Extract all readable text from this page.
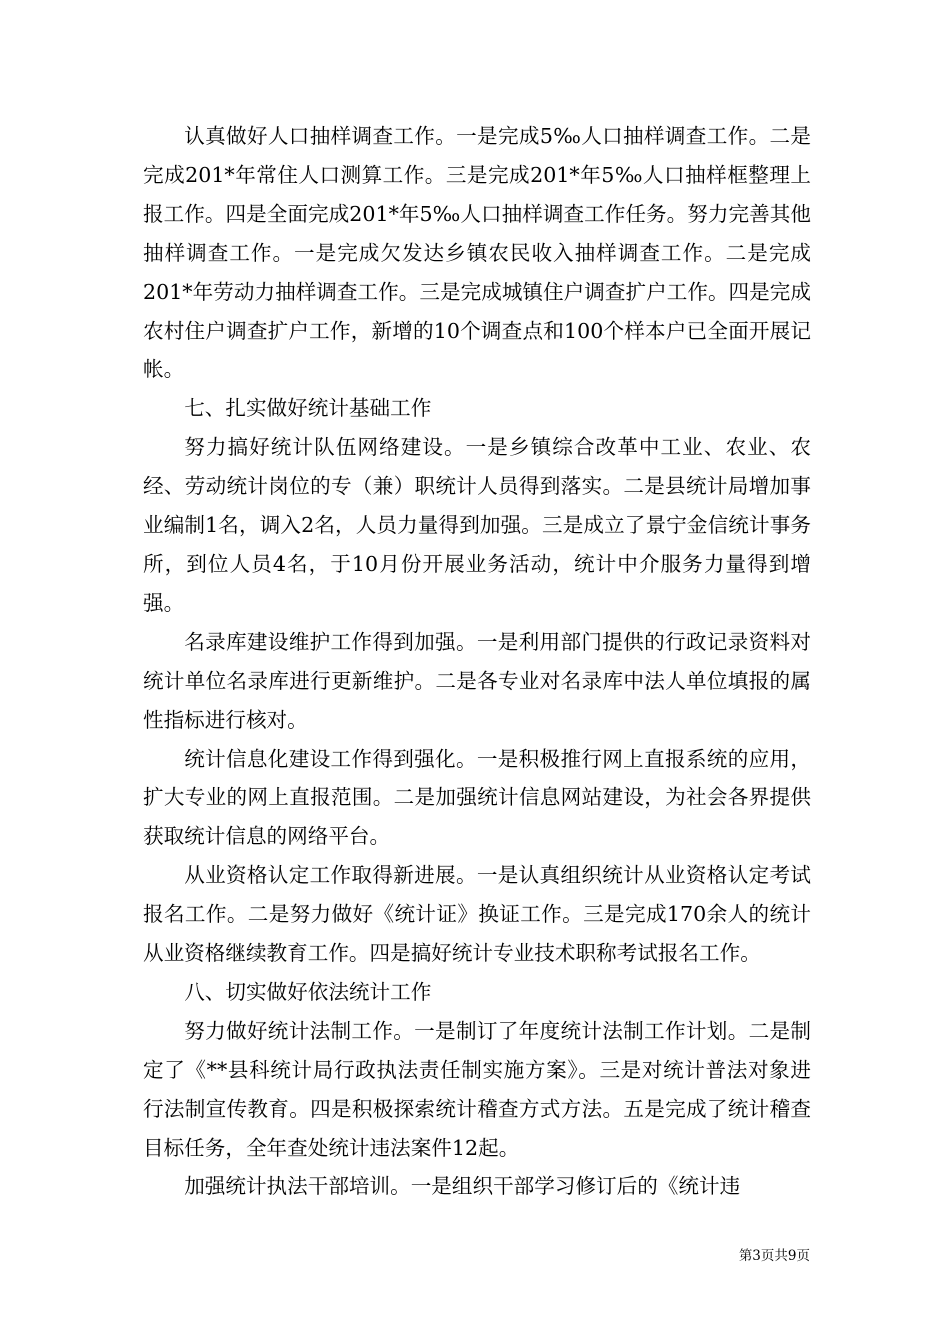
认真做好人口抽样调查工作。一是完成5‰人口抽样调查工作。二是完成201*年常住人口测算工作。三是完成201*年5‰人口抽样框整理上报工作。四是全面完成201*年5‰人口抽样调查工作任务。努力完善其他抽样调查工作。一是完成欠发达乡镇农民收入抽样调查工作。二是完成201*年劳动力抽样调查工作。三是完成城镇住户调查扩户工作。四是完成农村住户调查扩户工作，新增的10个调查点和100个样本户已全面开展记帐。

七、扎实做好统计基础工作

努力搞好统计队伍网络建设。一是乡镇综合改革中工业、农业、农经、劳动统计岗位的专（兼）职统计人员得到落实。二是县统计局增加事业编制1名，调入2名，人员力量得到加强。三是成立了景宁金信统计事务所，到位人员4名，于10月份开展业务活动，统计中介服务力量得到增强。

名录库建设维护工作得到加强。一是利用部门提供的行政记录资料对统计单位名录库进行更新维护。二是各专业对名录库中法人单位填报的属性指标进行核对。

统计信息化建设工作得到强化。一是积极推行网上直报系统的应用，扩大专业的网上直报范围。二是加强统计信息网站建设，为社会各界提供获取统计信息的网络平台。

从业资格认定工作取得新进展。一是认真组织统计从业资格认定考试报名工作。二是努力做好《统计证》换证工作。三是完成170余人的统计从业资格继续教育工作。四是搞好统计专业技术职称考试报名工作。

八、切实做好依法统计工作

努力做好统计法制工作。一是制订了年度统计法制工作计划。二是制定了《**县科统计局行政执法责任制实施方案》。三是对统计普法对象进行法制宣传教育。四是积极探索统计稽查方式方法。五是完成了统计稽查目标任务，全年查处统计违法案件12起。

加强统计执法干部培训。一是组织干部学习修订后的《统计违

第3页共9页
